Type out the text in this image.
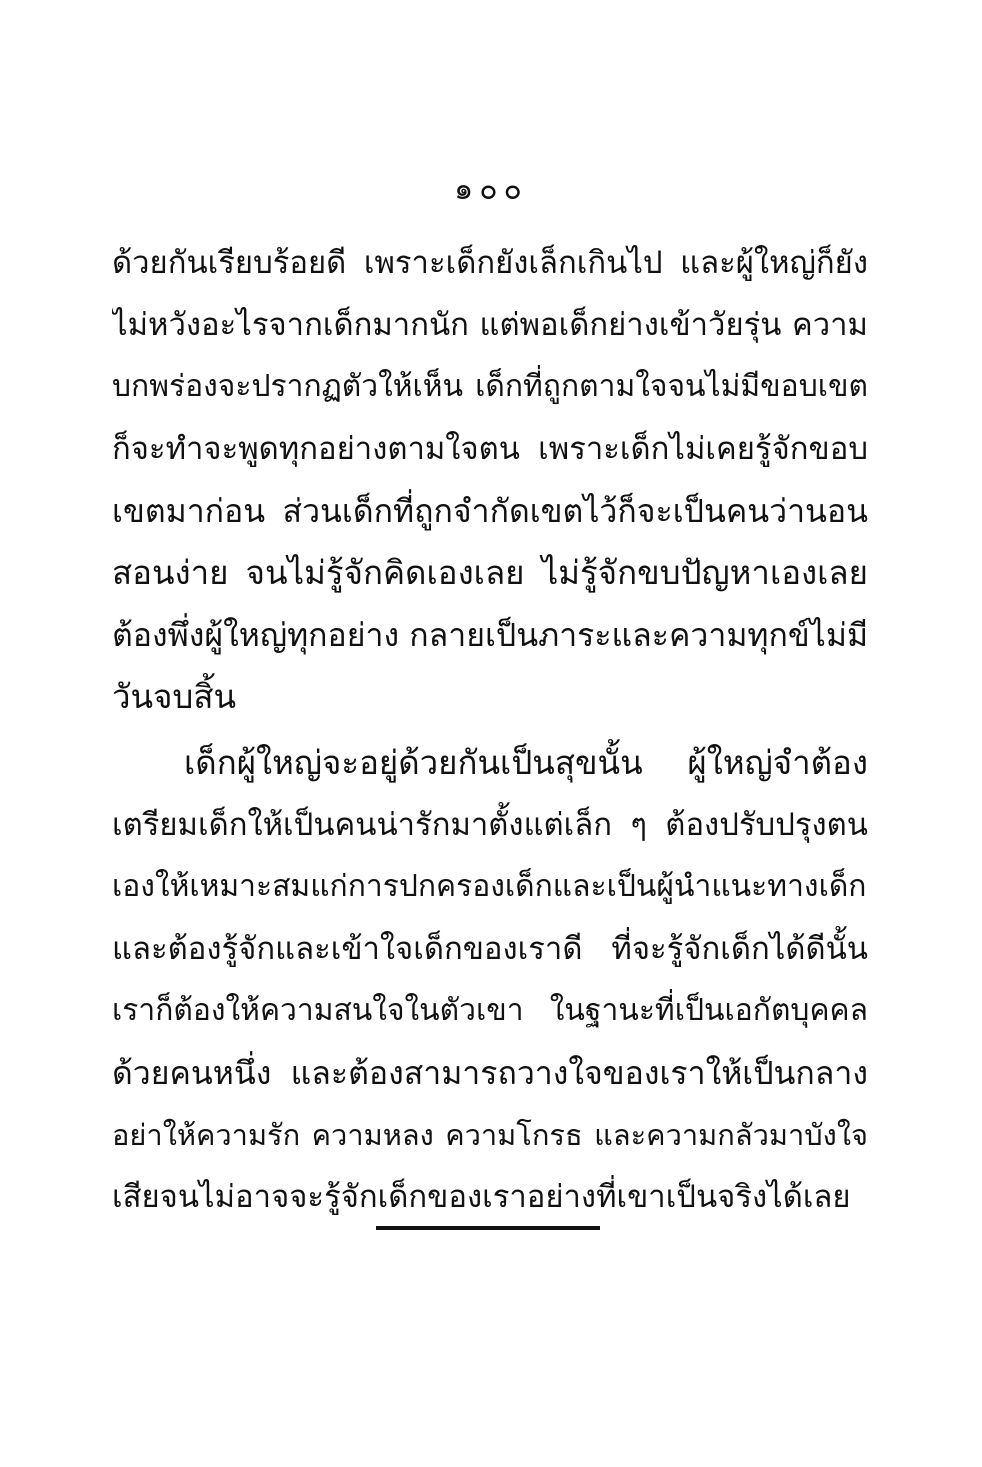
๑๐๐
ด้วยกันเรียบร้อยดี เพราะเด็กยังเล็กเกินไป และผู้ใหญ่ก็ยัง
ไม่หวังอะไรจากเด็กมากนัก แต่พอเด็กย่างเข้าวัยรุ่น ความ
บกพร่องจะปรากฏตัวให้เห็น เด็กที่ถูกตามใจจนไม่มีขอบเขต
ก็จะทำจะพูดทุกอย่างตามใจตน เพราะเด็กไม่เคยรู้จักขอบ
เขตมาก่อน ส่วนเด็กที่ถูกจำกัดเขตไว้ก็จะเป็นคนว่านอน
สอนง่าย จนไม่รู้จักคิดเองเลย ไม่รู้จักขบปัญหาเองเลย
ต้องพึ่งผู้ใหญ่ทุกอย่าง กลายเป็นภาระและความทุกข์ไม่มี
วันจบสิ้น
เด็กผู้ใหญ่จะอยู่ด้วยกันเป็นสุขนั้น ผู้ใหญ่จำต้อง
เตรียมเด็กให้เป็นคนน่ารักมาตั้งแต่เล็ก ๆ ต้องปรับปรุงตน
เองให้เหมาะสมแก่การปกครองเด็กและเป็นผู้นำแนะทางเด็ก
และต้องรู้จักและเข้าใจเด็กของเราดี ที่จะรู้จักเด็กได้ดีนั้น
เราก็ต้องให้ความสนใจในตัวเขา ในฐานะที่เป็นเอกัตบุคคล
ด้วยคนหนึ่ง และต้องสามารถวางใจของเราให้เป็นกลาง
อย่าให้ความรัก ความหลง ความโกรธ และความกลัวมาบังใจ
เสียจนไม่อาจจะรู้จักเด็กของเราอย่างที่เขาเป็นจริงได้เลย
